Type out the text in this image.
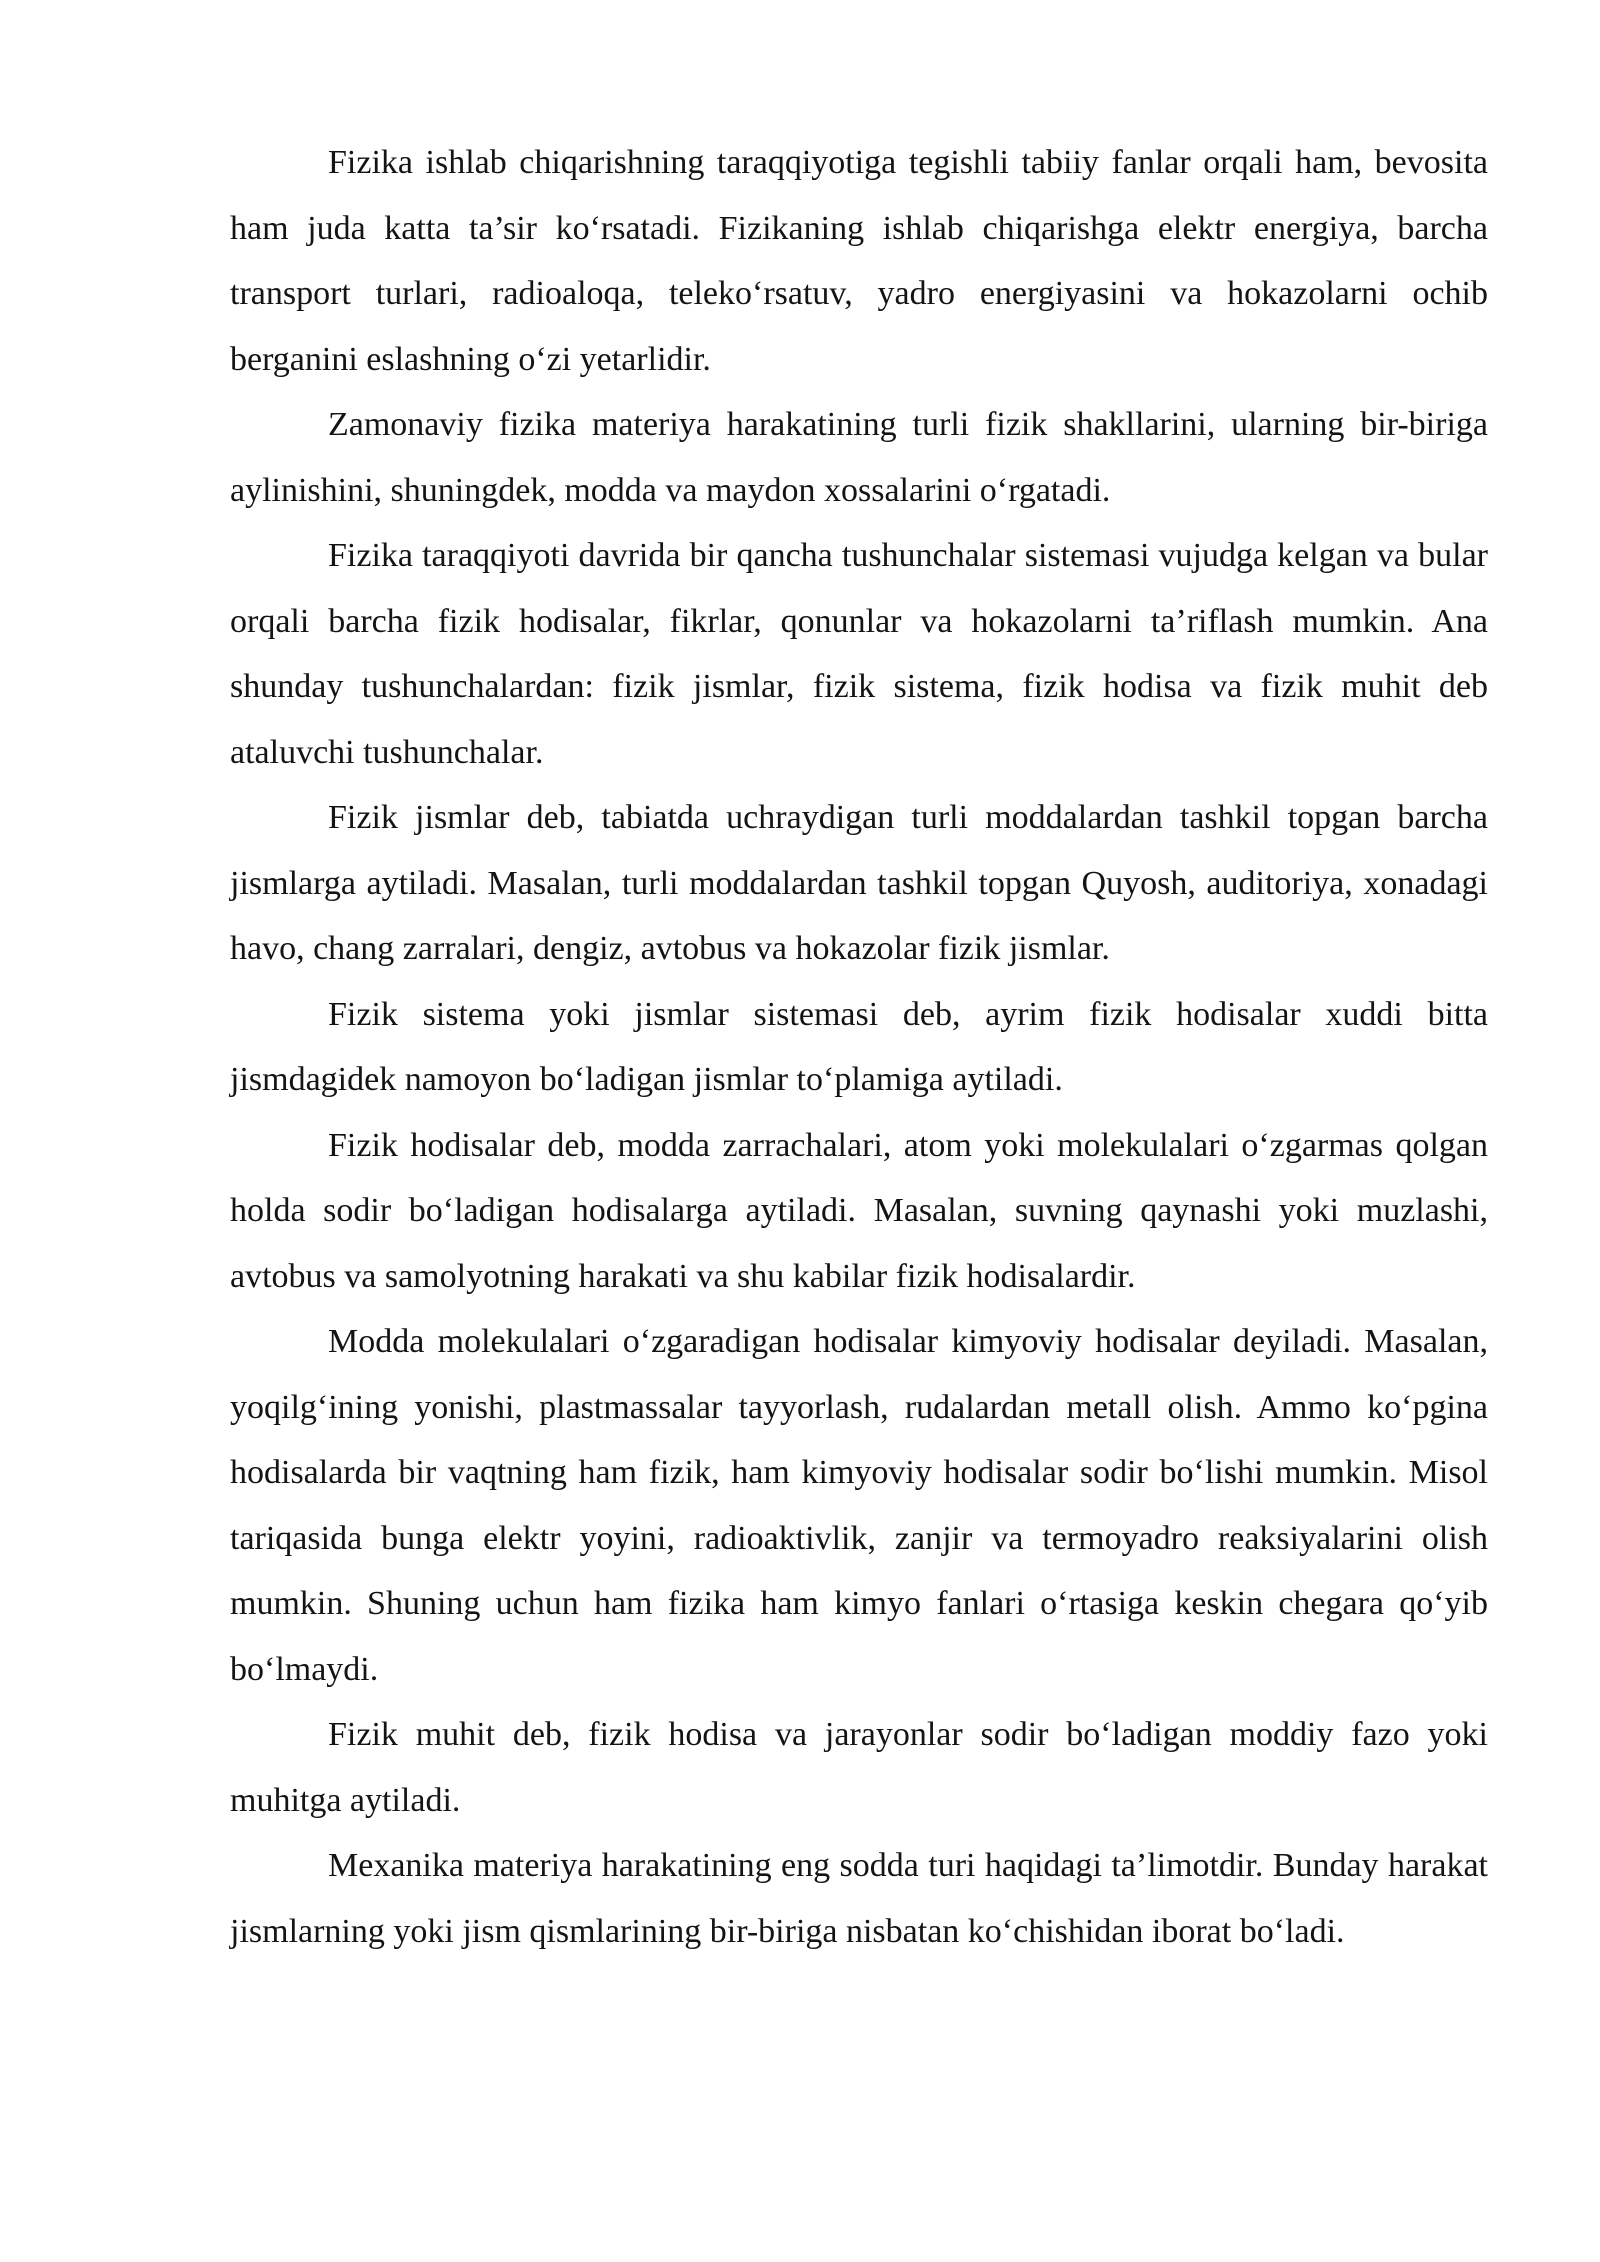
Fizika ishlab chiqarishning taraqqiyotiga tegishli tabiiy fanlar orqali ham, bevosita ham juda katta ta’sir ko‘rsatadi. Fizikaning ishlab chiqarishga elektr energiya, barcha transport turlari, radioaloqa, teleko‘rsatuv, yadro energiyasini va hokazolarni ochib berganini eslashning o‘zi yetarlidir.

Zamonaviy fizika materiya harakatining turli fizik shakllarini, ularning bir-biriga aylinishini, shuningdek, modda va maydon xossalarini o‘rgatadi.

Fizika taraqqiyoti davrida bir qancha tushunchalar sistemasi vujudga kelgan va bular orqali barcha fizik hodisalar, fikrlar, qonunlar va hokazolarni ta’riflash mumkin. Ana shunday tushunchalardan: fizik jismlar, fizik sistema, fizik hodisa va fizik muhit deb ataluvchi tushunchalar.

Fizik jismlar deb, tabiatda uchraydigan turli moddalardan tashkil topgan barcha jismlarga aytiladi. Masalan, turli moddalardan tashkil topgan Quyosh, auditoriya, xonadagi havo, chang zarralari, dengiz, avtobus va hokazolar fizik jismlar.

Fizik sistema yoki jismlar sistemasi deb, ayrim fizik hodisalar xuddi bitta jismdagidek namoyon bo‘ladigan jismlar to‘plamiga aytiladi.

Fizik hodisalar deb, modda zarrachalari, atom yoki molekulalari o‘zgarmas qolgan holda sodir bo‘ladigan hodisalarga aytiladi. Masalan, suvning qaynashi yoki muzlashi, avtobus va samolyotning harakati va shu kabilar fizik hodisalardir.

Modda molekulalari o‘zgaradigan hodisalar kimyoviy hodisalar deyiladi. Masalan, yoqilg‘ining yonishi, plastmassalar tayyorlash, rudalardan metall olish. Ammo ko‘pgina hodisalarda bir vaqtning ham fizik, ham kimyoviy hodisalar sodir bo‘lishi mumkin. Misol tariqasida bunga elektr yoyini, radioaktivlik, zanjir va termoyadro reaksiyalarini olish mumkin. Shuning uchun ham fizika ham kimyo fanlari o‘rtasiga keskin chegara qo‘yib bo‘lmaydi.

Fizik muhit deb, fizik hodisa va jarayonlar sodir bo‘ladigan moddiy fazo yoki muhitga aytiladi.

Mexanika materiya harakatining eng sodda turi haqidagi ta’limotdir. Bunday harakat jismlarning yoki jism qismlarining bir-biriga nisbatan ko‘chishidan iborat bo‘ladi.
